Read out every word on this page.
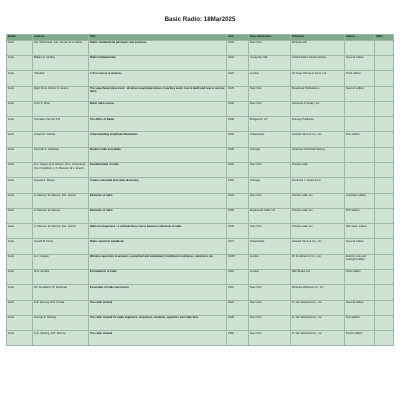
Basic Radio: 18Mar2025
Media	Authors	Title	Year	Place Published	Publisher	Edition	ISBN
book	F.E. Whitehead, E.E. Ziemer, E.H. Ebner	Radio: fundamental principles and practices	1934	New York	McGraw-Hill		
book	Milliam H. Dudley	Radio fundamentals	1942	Annapolis, MD	United States Naval Institute	Second edition	
book	"Decibel"	A first course in wireless	1923	London	Sir Isaac Pitman & Sons, Ltd.	Third edition	
book	Elgin Frost, Robert C. Evans	The superheterodyne book : all about superheterodynes, how they work, how to build and how to service them	1935	New York	Broadcast Publications	Second edition	
book	John S. Pope	Basic radio course	1946	New York	Nostrand & Library, Inc.		
book	Cornelius Van der Pol	The ABCs of Radio	1948	Bridgeport, CT	Nutmeg Publishes		
book	Joseph P. Carlisle	Understanding Amplitude Modulation	1966	Indianapolis	Howard Sams & Co., Inc.	First edition	
book	Kenneth A. Holloway	Modern radio essentials	1935	Chicago	American Technical Society		
book	E.C. Geiger, E.H. Nelson, W.C. Ossterheld, F.H. Fitzgibbon, L.O. Bowers, W.L. Everitt	Fundamentals of radio	1942	New York	Prentice-Hall		
book	Howard F. Mason	Crude's electrical and radio dictionary	1952	Chicago	Frederick J. Drake & Co.		
book	A. Marcus, W. Marcus, R.E. Horton	Elements of radio	1943	New York	Prentice-Hall, Inc.	Complete edition	
book	A. Marcus, W. Marcus	Elements of radio	1965	Englewood Cliffs, NJ	Prentice-Hall, Inc.	Fifth edition	
book	A. Marcus, W. Marcus, R.E. Horton	Radio for beginners : a self-teaching course based on elements of radio	1945	New York	Prentice-Hall, Inc.	War Dept. edition	
book	Gerald M. Ploss	Radio spectrum handbook	1974	Indianapolis	Howard Sams & Co., Inc.	Second edition	
book	G.J. Clapton	Wireless questions & answers, a practical and explanatory handbook on wireless, television, etc.	1936?	London	W. Foulsham & Co., Ltd.	Entirely new and enlarged edition	
book	M.H. Grubbs	Foundations of radio	1963	London	Iliffe Books Ltd.	Sixth edition	
book	Ph. Stockland, W. Zwolinski	Essentials of radio electronics	1961	New York	McGraw-Hill Book Co., Inc.		
book	D.E. Henney, R.E. Knode	The radio manual	1924	New York	D. Van Nostrand Co., Inc.	Second edition	
book	George E. Sterling	The radio manual for radio engineers, inspectors, students, operators and radio fans	1928	New York	D. Van Nostrand Co., Inc.	First edition	
book	G.E. Sterling, R.B. Monroe	The radio manual	1950	New York	D. Van Nostrand Co., Inc.	Fourth edition	
